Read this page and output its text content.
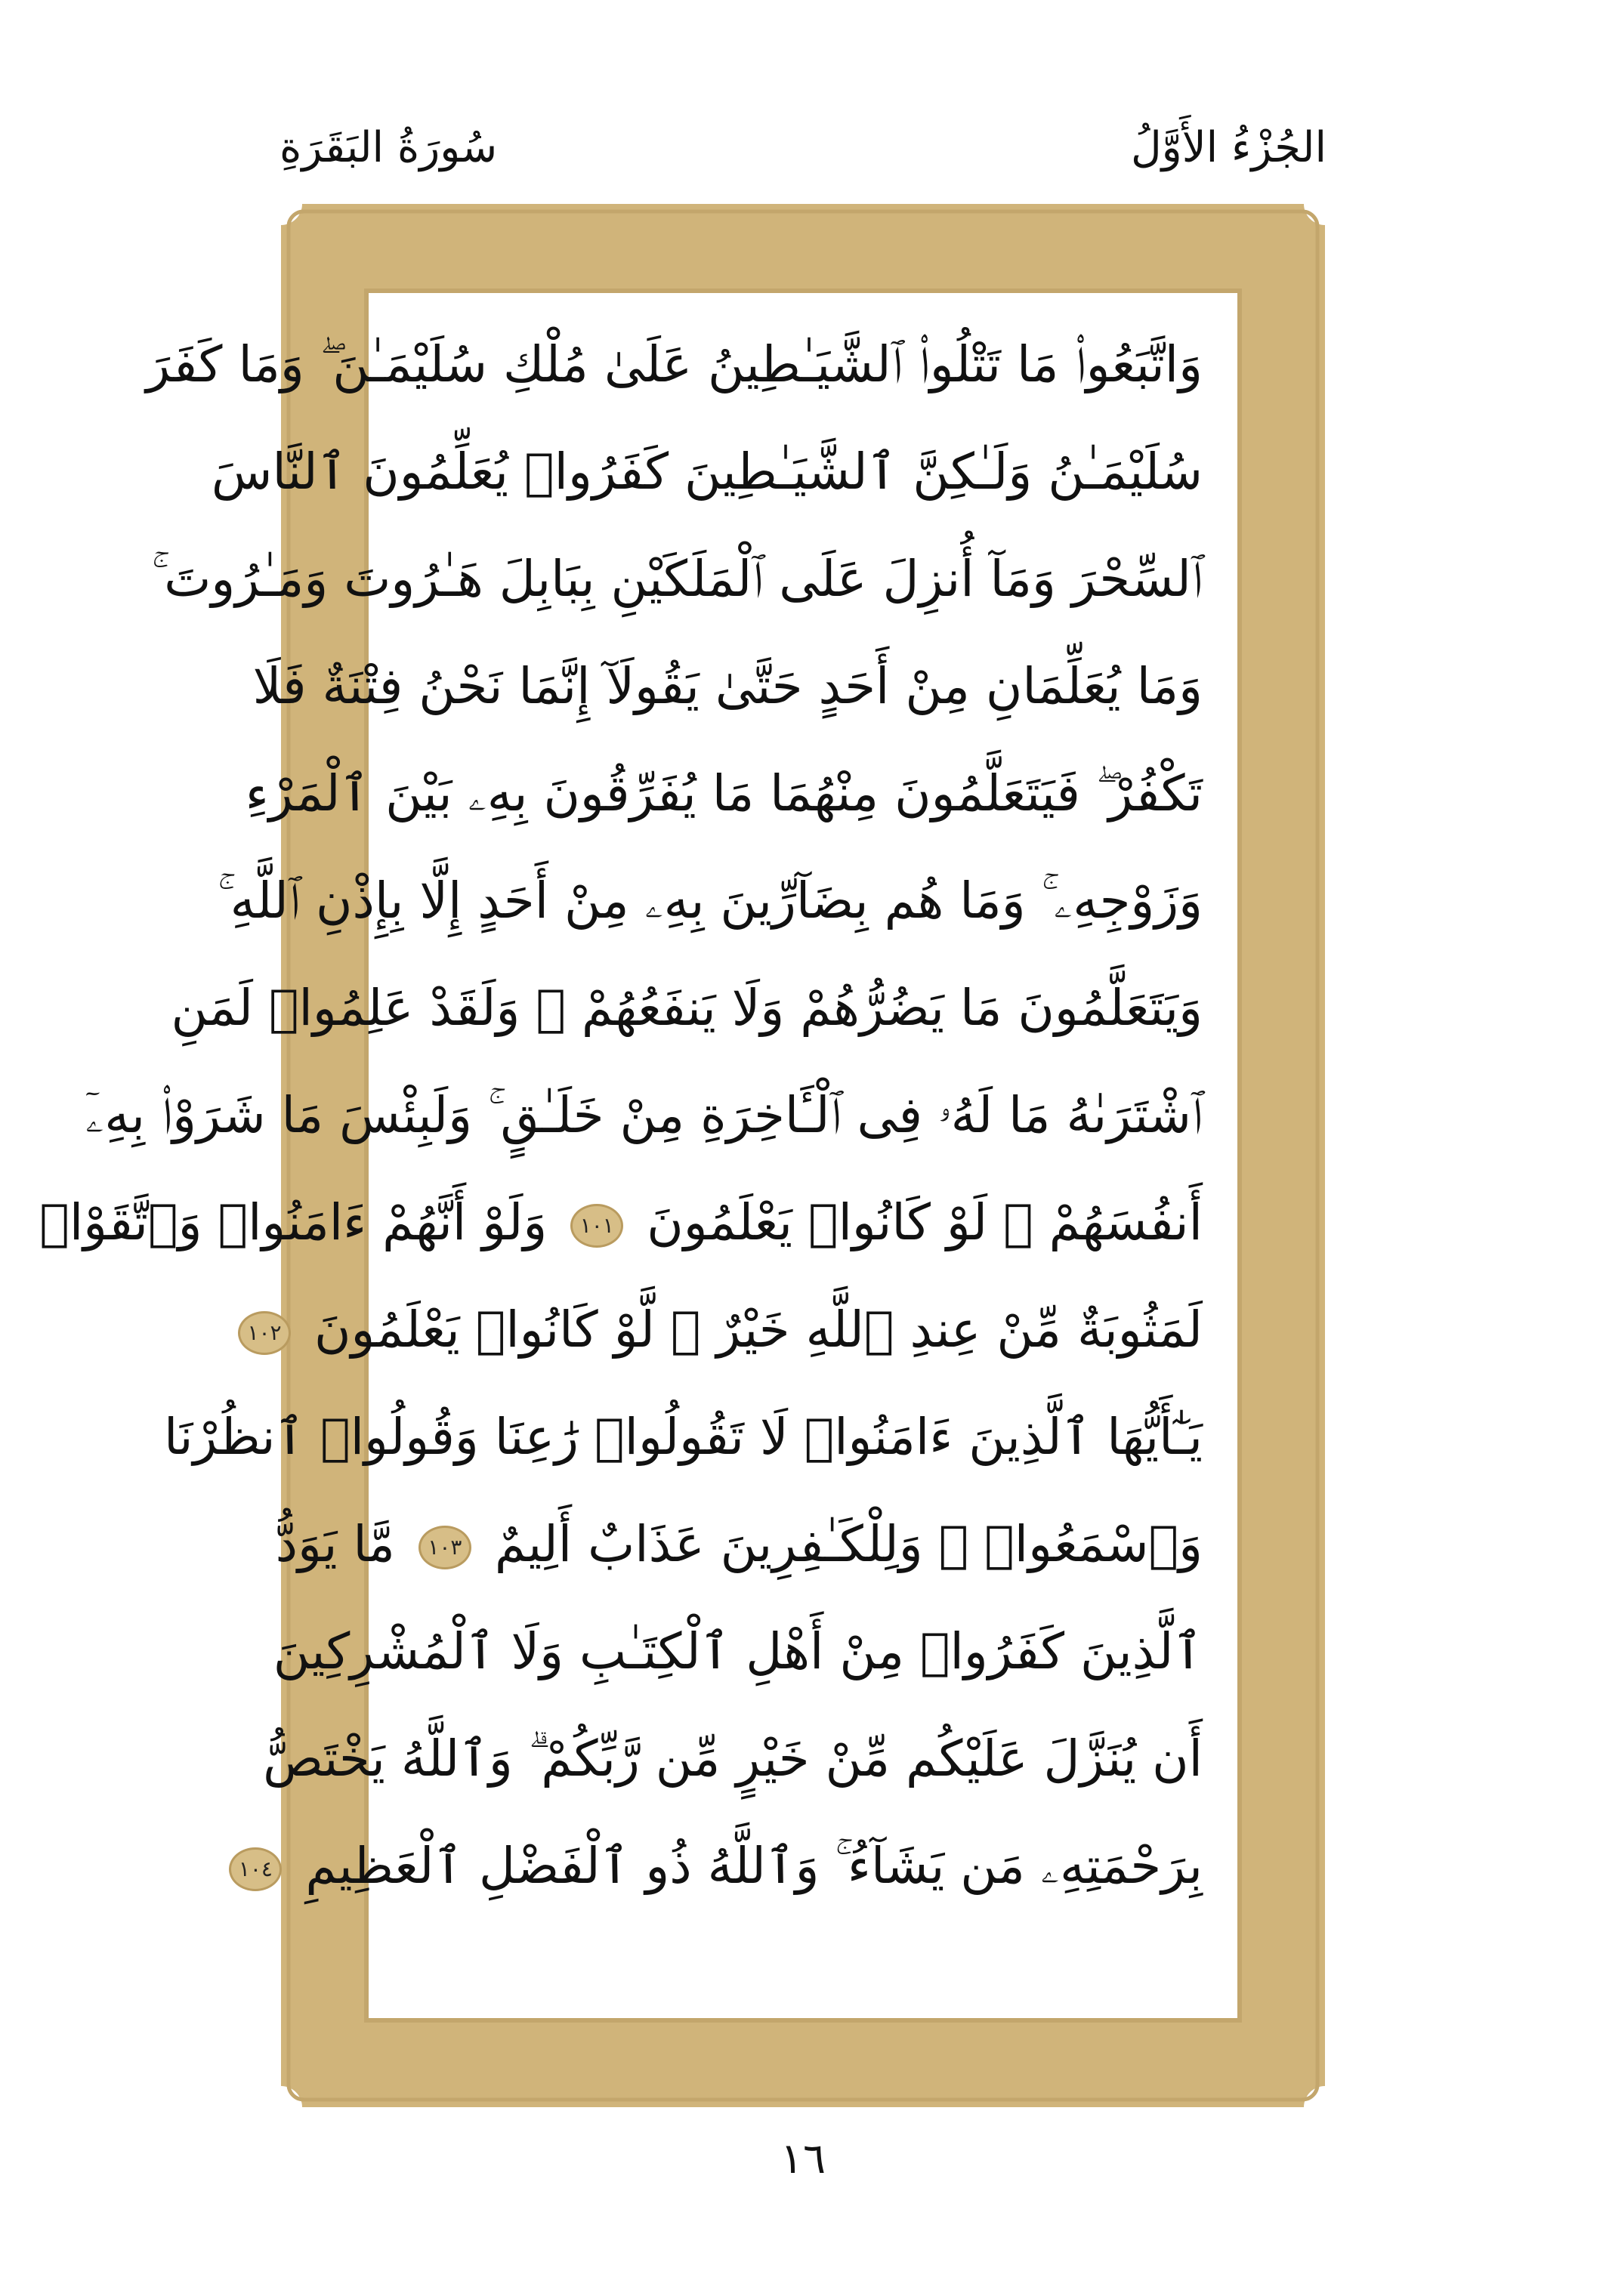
الجُزْءُ الأَوَّلُ
سُورَةُ البَقَرَةِ
وَاتَّبَعُوا۟ مَا تَتْلُوا۟ ٱلشَّيَـٰطِينُ عَلَىٰ مُلْكِ سُلَيْمَـٰنَ ۖ وَمَا كَفَرَ
سُلَيْمَـٰنُ وَلَـٰكِنَّ ٱلشَّيَـٰطِينَ كَفَرُوا۟ يُعَلِّمُونَ ٱلنَّاسَ
ٱلسِّحْرَ وَمَآ أُنزِلَ عَلَى ٱلْمَلَكَيْنِ بِبَابِلَ هَـٰرُوتَ وَمَـٰرُوتَ ۚ
وَمَا يُعَلِّمَانِ مِنْ أَحَدٍ حَتَّىٰ يَقُولَآ إِنَّمَا نَحْنُ فِتْنَةٌ فَلَا
تَكْفُرْ ۖ فَيَتَعَلَّمُونَ مِنْهُمَا مَا يُفَرِّقُونَ بِهِۦ بَيْنَ ٱلْمَرْءِ
وَزَوْجِهِۦ ۚ وَمَا هُم بِضَآرِّينَ بِهِۦ مِنْ أَحَدٍ إِلَّا بِإِذْنِ ٱللَّهِ ۚ
وَيَتَعَلَّمُونَ مَا يَضُرُّهُمْ وَلَا يَنفَعُهُمْ ۚ وَلَقَدْ عَلِمُوا۟ لَمَنِ
ٱشْتَرَىٰهُ مَا لَهُۥ فِى ٱلْـَٔاخِرَةِ مِنْ خَلَـٰقٍ ۚ وَلَبِئْسَ مَا شَرَوْا۟ بِهِۦٓ
أَنفُسَهُمْ ۚ لَوْ كَانُوا۟ يَعْلَمُونَ ١٠١ وَلَوْ أَنَّهُمْ ءَامَنُوا۟ وَٱتَّقَوْا۟
لَمَثُوبَةٌ مِّنْ عِندِ ٱللَّهِ خَيْرٌ ۖ لَّوْ كَانُوا۟ يَعْلَمُونَ ١٠٢
يَـٰٓأَيُّهَا ٱلَّذِينَ ءَامَنُوا۟ لَا تَقُولُوا۟ رَٰعِنَا وَقُولُوا۟ ٱنظُرْنَا
وَٱسْمَعُوا۟ ۗ وَلِلْكَـٰفِرِينَ عَذَابٌ أَلِيمٌ ١٠٣ مَّا يَوَدُّ
ٱلَّذِينَ كَفَرُوا۟ مِنْ أَهْلِ ٱلْكِتَـٰبِ وَلَا ٱلْمُشْرِكِينَ
أَن يُنَزَّلَ عَلَيْكُم مِّنْ خَيْرٍ مِّن رَّبِّكُمْ ۗ وَٱللَّهُ يَخْتَصُّ
بِرَحْمَتِهِۦ مَن يَشَآءُ ۚ وَٱللَّهُ ذُو ٱلْفَضْلِ ٱلْعَظِيمِ ١٠٤
١٦
